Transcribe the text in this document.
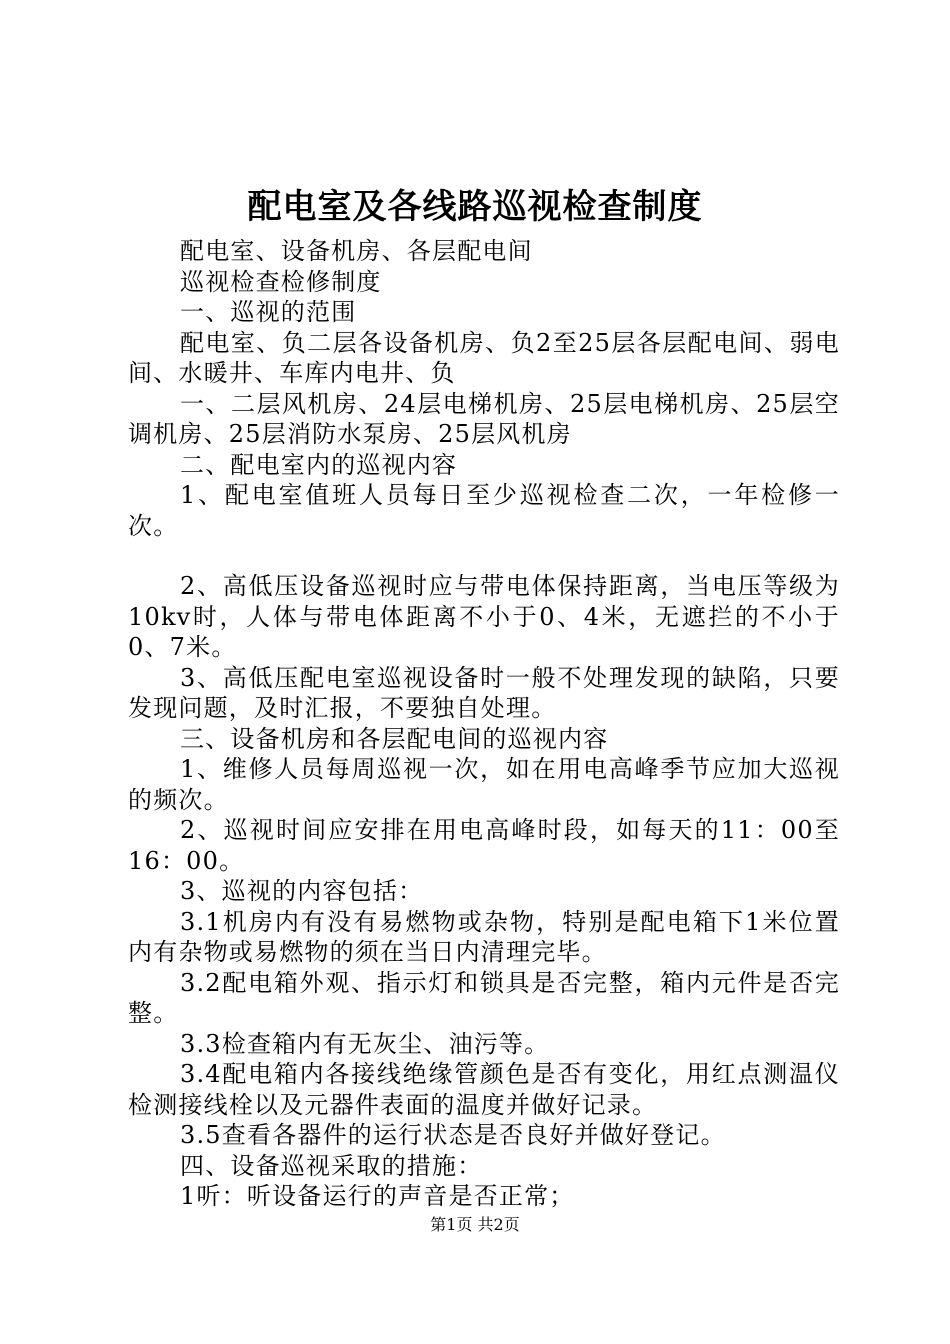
配电室及各线路巡视检查制度

配电室、设备机房、各层配电间

巡视检查检修制度

一、巡视的范围

配电室、负二层各设备机房、负2至25层各层配电间、弱电间、水暖井、车库内电井、负

一、二层风机房、24层电梯机房、25层电梯机房、25层空调机房、25层消防水泵房、25层风机房

二、配电室内的巡视内容

1、配电室值班人员每日至少巡视检查二次，一年检修一次。

2、高低压设备巡视时应与带电体保持距离，当电压等级为10kv时，人体与带电体距离不小于0、4米，无遮拦的不小于0、7米。

3、高低压配电室巡视设备时一般不处理发现的缺陷，只要发现问题，及时汇报，不要独自处理。

三、设备机房和各层配电间的巡视内容

1、维修人员每周巡视一次，如在用电高峰季节应加大巡视的频次。

2、巡视时间应安排在用电高峰时段，如每天的11：00至16：00。

3、巡视的内容包括：

3.1机房内有没有易燃物或杂物，特别是配电箱下1米位置内有杂物或易燃物的须在当日内清理完毕。

3.2配电箱外观、指示灯和锁具是否完整，箱内元件是否完整。

3.3检查箱内有无灰尘、油污等。

3.4配电箱内各接线绝缘管颜色是否有变化，用红点测温仪检测接线栓以及元器件表面的温度并做好记录。

3.5查看各器件的运行状态是否良好并做好登记。

四、设备巡视采取的措施：

1听：听设备运行的声音是否正常；

第1页 共2页
